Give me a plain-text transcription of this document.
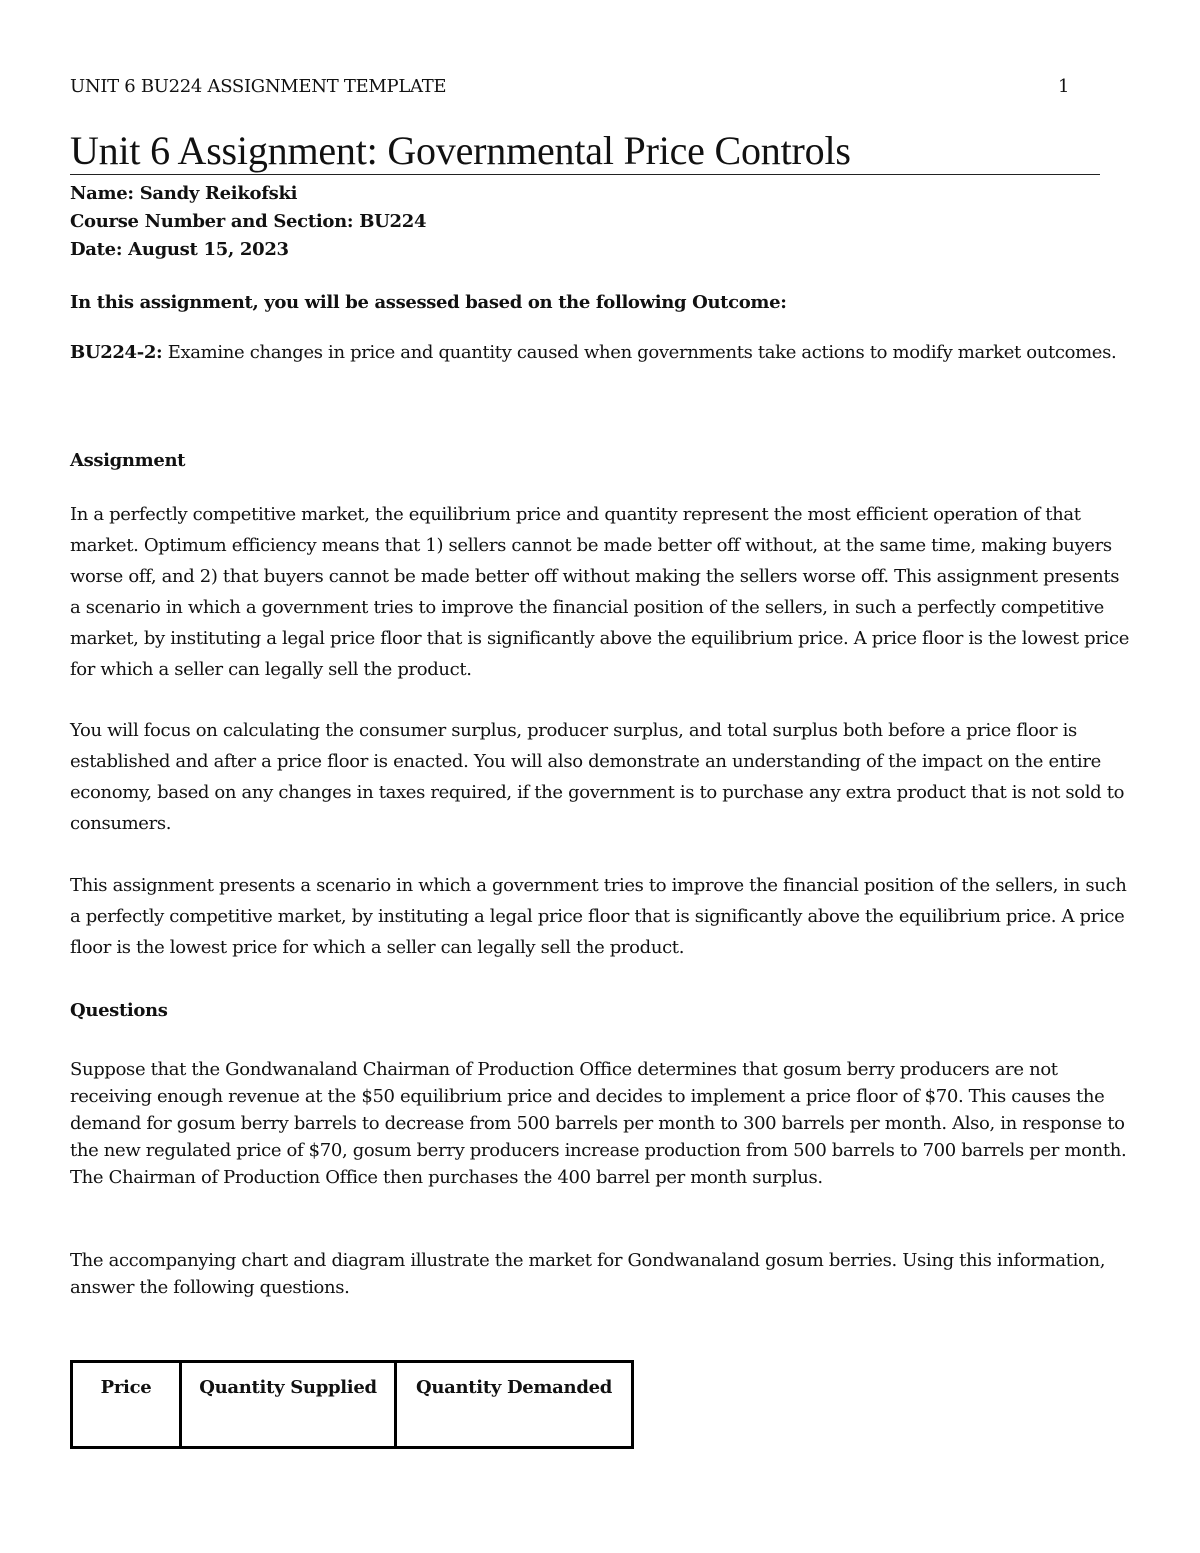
UNIT 6 BU224 ASSIGNMENT TEMPLATE	1
Unit 6 Assignment: Governmental Price Controls
Name: Sandy Reikofski
Course Number and Section: BU224
Date: August 15, 2023
In this assignment, you will be assessed based on the following Outcome:
BU224-2: Examine changes in price and quantity caused when governments take actions to modify market outcomes.
Assignment
In a perfectly competitive market, the equilibrium price and quantity represent the most efficient operation of that market. Optimum efficiency means that 1) sellers cannot be made better off without, at the same time, making buyers worse off, and 2) that buyers cannot be made better off without making the sellers worse off. This assignment presents a scenario in which a government tries to improve the financial position of the sellers, in such a perfectly competitive market, by instituting a legal price floor that is significantly above the equilibrium price. A price floor is the lowest price for which a seller can legally sell the product.
You will focus on calculating the consumer surplus, producer surplus, and total surplus both before a price floor is established and after a price floor is enacted. You will also demonstrate an understanding of the impact on the entire economy, based on any changes in taxes required, if the government is to purchase any extra product that is not sold to consumers.
This assignment presents a scenario in which a government tries to improve the financial position of the sellers, in such a perfectly competitive market, by instituting a legal price floor that is significantly above the equilibrium price. A price floor is the lowest price for which a seller can legally sell the product.
Questions
Suppose that the Gondwanaland Chairman of Production Office determines that gosum berry producers are not receiving enough revenue at the $50 equilibrium price and decides to implement a price floor of $70. This causes the demand for gosum berry barrels to decrease from 500 barrels per month to 300 barrels per month. Also, in response to the new regulated price of $70, gosum berry producers increase production from 500 barrels to 700 barrels per month. The Chairman of Production Office then purchases the 400 barrel per month surplus.
The accompanying chart and diagram illustrate the market for Gondwanaland gosum berries. Using this information, answer the following questions.
Price	Quantity Supplied	Quantity Demanded
